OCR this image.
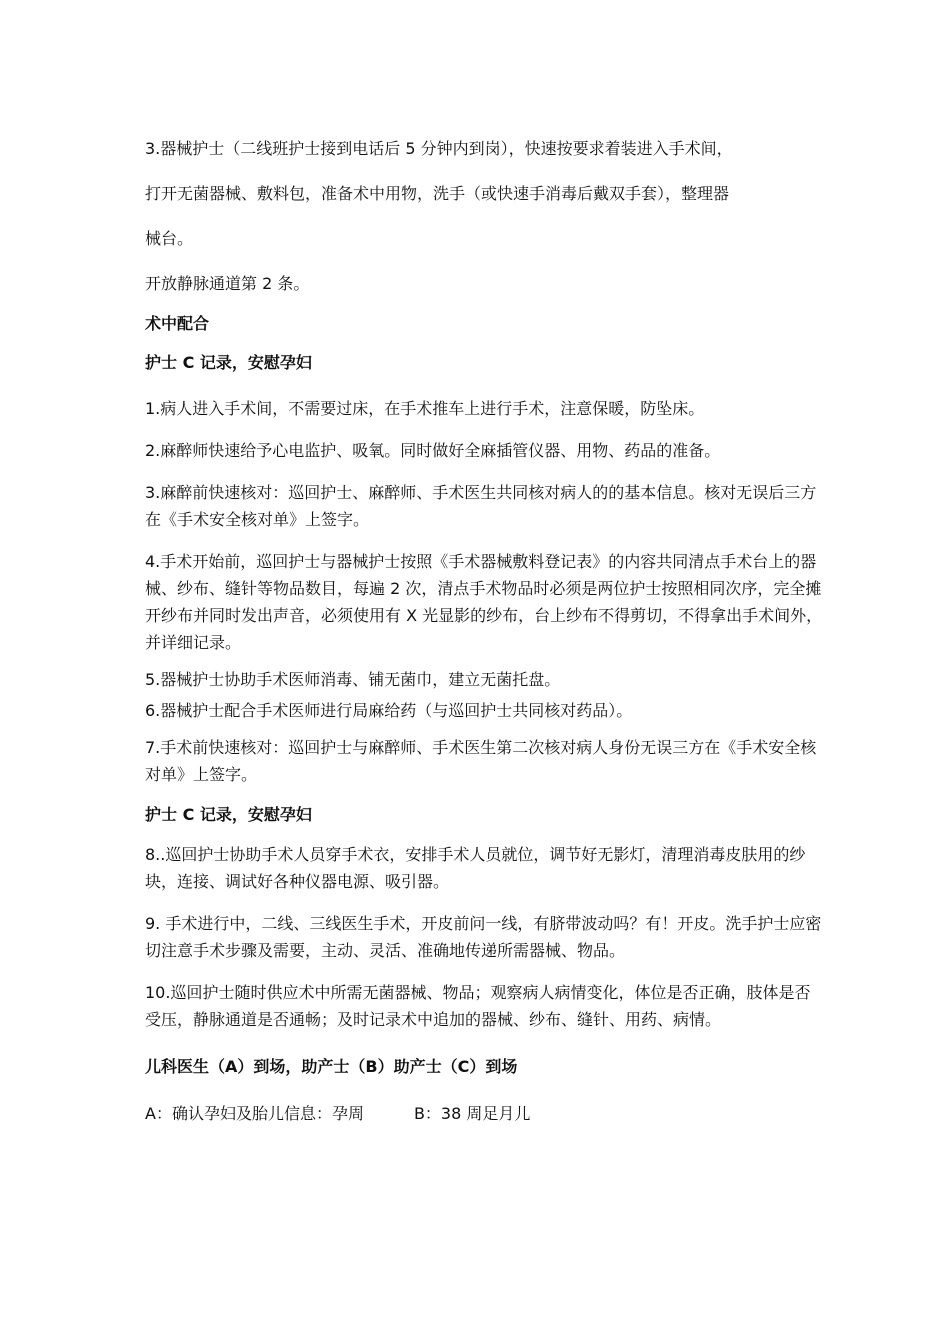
3.器械护士（二线班护士接到电话后 5 分钟内到岗），快速按要求着装进入手术间，

打开无菌器械、敷料包，准备术中用物，洗手（或快速手消毒后戴双手套），整理器

械台。

开放静脉通道第 2 条。

术中配合

护士 C 记录，安慰孕妇

1.病人进入手术间，不需要过床，在手术推车上进行手术，注意保暖，防坠床。

2.麻醉师快速给予心电监护、吸氧。同时做好全麻插管仪器、用物、药品的准备。

3.麻醉前快速核对：巡回护士、麻醉师、手术医生共同核对病人的的基本信息。核对无误后三方在《手术安全核对单》上签字。

4.手术开始前，巡回护士与器械护士按照《手术器械敷料登记表》的内容共同清点手术台上的器械、纱布、缝针等物品数目，每遍 2 次，清点手术物品时必须是两位护士按照相同次序，完全摊开纱布并同时发出声音，必须使用有 X 光显影的纱布，台上纱布不得剪切，不得拿出手术间外，并详细记录。

5.器械护士协助手术医师消毒、铺无菌巾，建立无菌托盘。

6.器械护士配合手术医师进行局麻给药（与巡回护士共同核对药品）。

7.手术前快速核对：巡回护士与麻醉师、手术医生第二次核对病人身份无误三方在《手术安全核对单》上签字。

护士 C 记录，安慰孕妇

8..巡回护士协助手术人员穿手术衣，安排手术人员就位，调节好无影灯，清理消毒皮肤用的纱块，连接、调试好各种仪器电源、吸引器。

9. 手术进行中，二线、三线医生手术，开皮前问一线，有脐带波动吗？有！开皮。洗手护士应密切注意手术步骤及需要，主动、灵活、准确地传递所需器械、物品。

10.巡回护士随时供应术中所需无菌器械、物品；观察病人病情变化，体位是否正确，肢体是否受压，静脉通道是否通畅；及时记录术中追加的器械、纱布、缝针、用药、病情。

儿科医生（A）到场，助产士（B）助产士（C）到场

A：确认孕妇及胎儿信息：孕周	B：38 周足月儿
